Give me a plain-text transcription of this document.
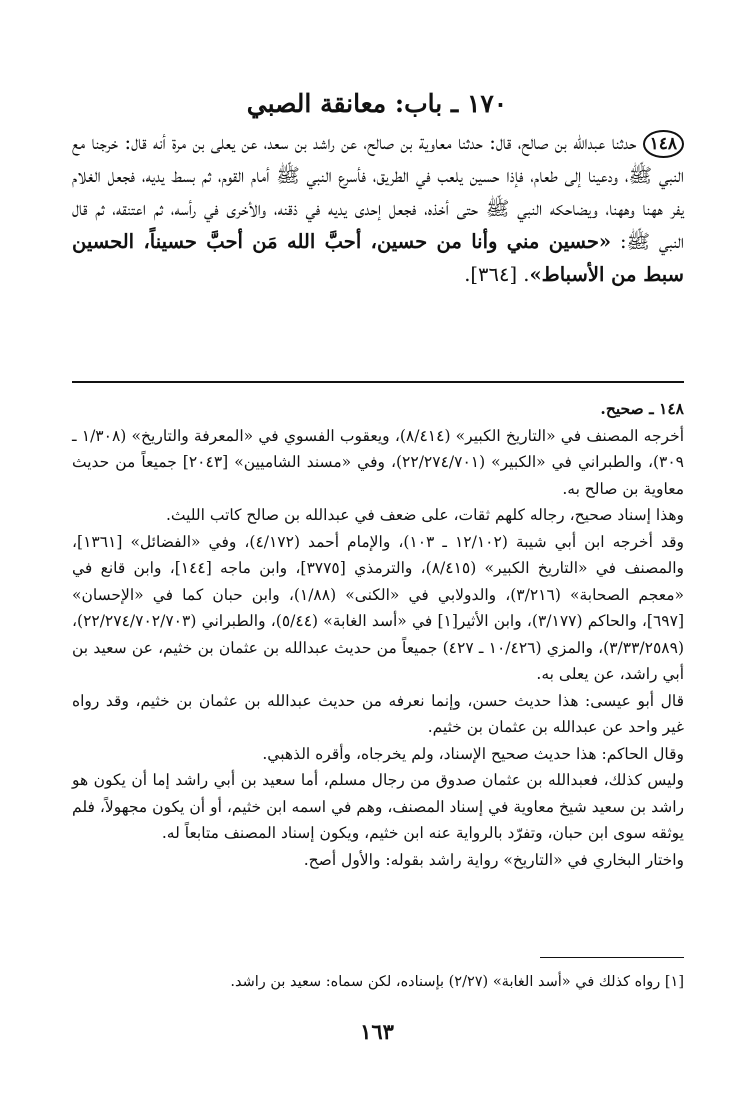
١٧٠ ـ باب: معانقة الصبي
١٤٨حدثنا عبدالله بن صالح، قال: حدثنا معاوية بن صالح، عن راشد بن سعد، عن يعلى بن مرة أنه قال: خرجنا مع النبي ﷺ، ودعينا إلى طعام، فإذا حسين يلعب في الطريق، فأسرع النبي ﷺ أمام القوم، ثم بسط يديه، فجعل الغلام يفر ههنا وههنا، ويضاحكه النبي ﷺ حتى أخذه، فجعل إحدى يديه في ذقنه، والأخرى في رأسه، ثم اعتنقه، ثم قال النبي ﷺ: «حسين مني وأنا من حسين، أحبَّ الله مَن أحبَّ حسيناً، الحسين سبط من الأسباط». [٣٦٤].

١٤٨ ـ صحيح.

أخرجه المصنف في «التاريخ الكبير» (٨/٤١٤)، ويعقوب الفسوي في «المعرفة والتاريخ» (١/٣٠٨ ـ ٣٠٩)، والطبراني في «الكبير» (٢٢/٢٧٤/٧٠١)، وفي «مسند الشاميين» [٢٠٤٣] جميعاً من حديث معاوية بن صالح به.

وهذا إسناد صحيح، رجاله كلهم ثقات، على ضعف في عبدالله بن صالح كاتب الليث.

وقد أخرجه ابن أبي شيبة (١٢/١٠٢ ـ ١٠٣)، والإمام أحمد (٤/١٧٢)، وفي «الفضائل» [١٣٦١]، والمصنف في «التاريخ الكبير» (٨/٤١٥)، والترمذي [٣٧٧٥]، وابن ماجه [١٤٤]، وابن قانع في «معجم الصحابة» (٣/٢١٦)، والدولابي في «الكنى» (١/٨٨)، وابن حبان كما في «الإحسان» [٦٩٧]، والحاكم (٣/١٧٧)، وابن الأثير[١] في «أسد الغابة» (٥/٤٤)، والطبراني (٢٢/٢٧٤/٧٠٢/٧٠٣)، (٣/٣٣/٢٥٨٩)، والمزي (١٠/٤٢٦ ـ ٤٢٧) جميعاً من حديث عبدالله بن عثمان بن خثيم، عن سعيد بن أبي راشد، عن يعلى به.

قال أبو عيسى: هذا حديث حسن، وإنما نعرفه من حديث عبدالله بن عثمان بن خثيم، وقد رواه غير واحد عن عبدالله بن عثمان بن خثيم.

وقال الحاكم: هذا حديث صحيح الإسناد، ولم يخرجاه، وأقره الذهبي.

وليس كذلك، فعبدالله بن عثمان صدوق من رجال مسلم، أما سعيد بن أبي راشد إما أن يكون هو راشد بن سعيد شيخ معاوية في إسناد المصنف، وهم في اسمه ابن خثيم، أو أن يكون مجهولاً، فلم يوثقه سوى ابن حبان، وتفرّد بالرواية عنه ابن خثيم، ويكون إسناد المصنف متابعاً له.

واختار البخاري في «التاريخ» رواية راشد بقوله: والأول أصح.

[١] رواه كذلك في «أسد الغابة» (٢/٢٧) بإسناده، لكن سماه: سعيد بن راشد.
١٦٣
